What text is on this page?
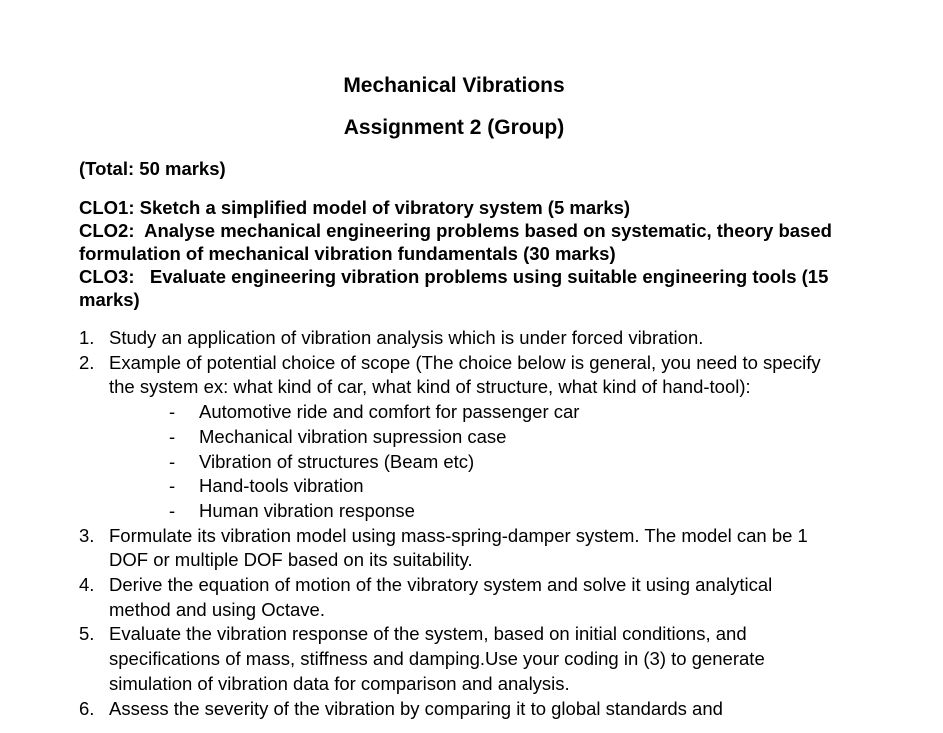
Mechanical Vibrations
Assignment 2 (Group)
(Total: 50 marks)
CLO1: Sketch a simplified model of vibratory system (5 marks)
CLO2:  Analyse mechanical engineering problems based on systematic, theory based formulation of mechanical vibration fundamentals (30 marks)
CLO3:   Evaluate engineering vibration problems using suitable engineering tools (15 marks)
1. Study an application of vibration analysis which is under forced vibration.
2. Example of potential choice of scope (The choice below is general, you need to specify the system ex: what kind of car, what kind of structure, what kind of hand-tool):
- Automotive ride and comfort for passenger car
- Mechanical vibration supression case
- Vibration of structures (Beam etc)
- Hand-tools vibration
- Human vibration response
3. Formulate its vibration model using mass-spring-damper system. The model can be 1 DOF or multiple DOF based on its suitability.
4. Derive the equation of motion of the vibratory system and solve it using analytical method and using Octave.
5. Evaluate the vibration response of the system, based on initial conditions, and specifications of mass, stiffness and damping.Use your coding in (3) to generate simulation of vibration data for comparison and analysis.
6. Assess the severity of the vibration by comparing it to global standards and
